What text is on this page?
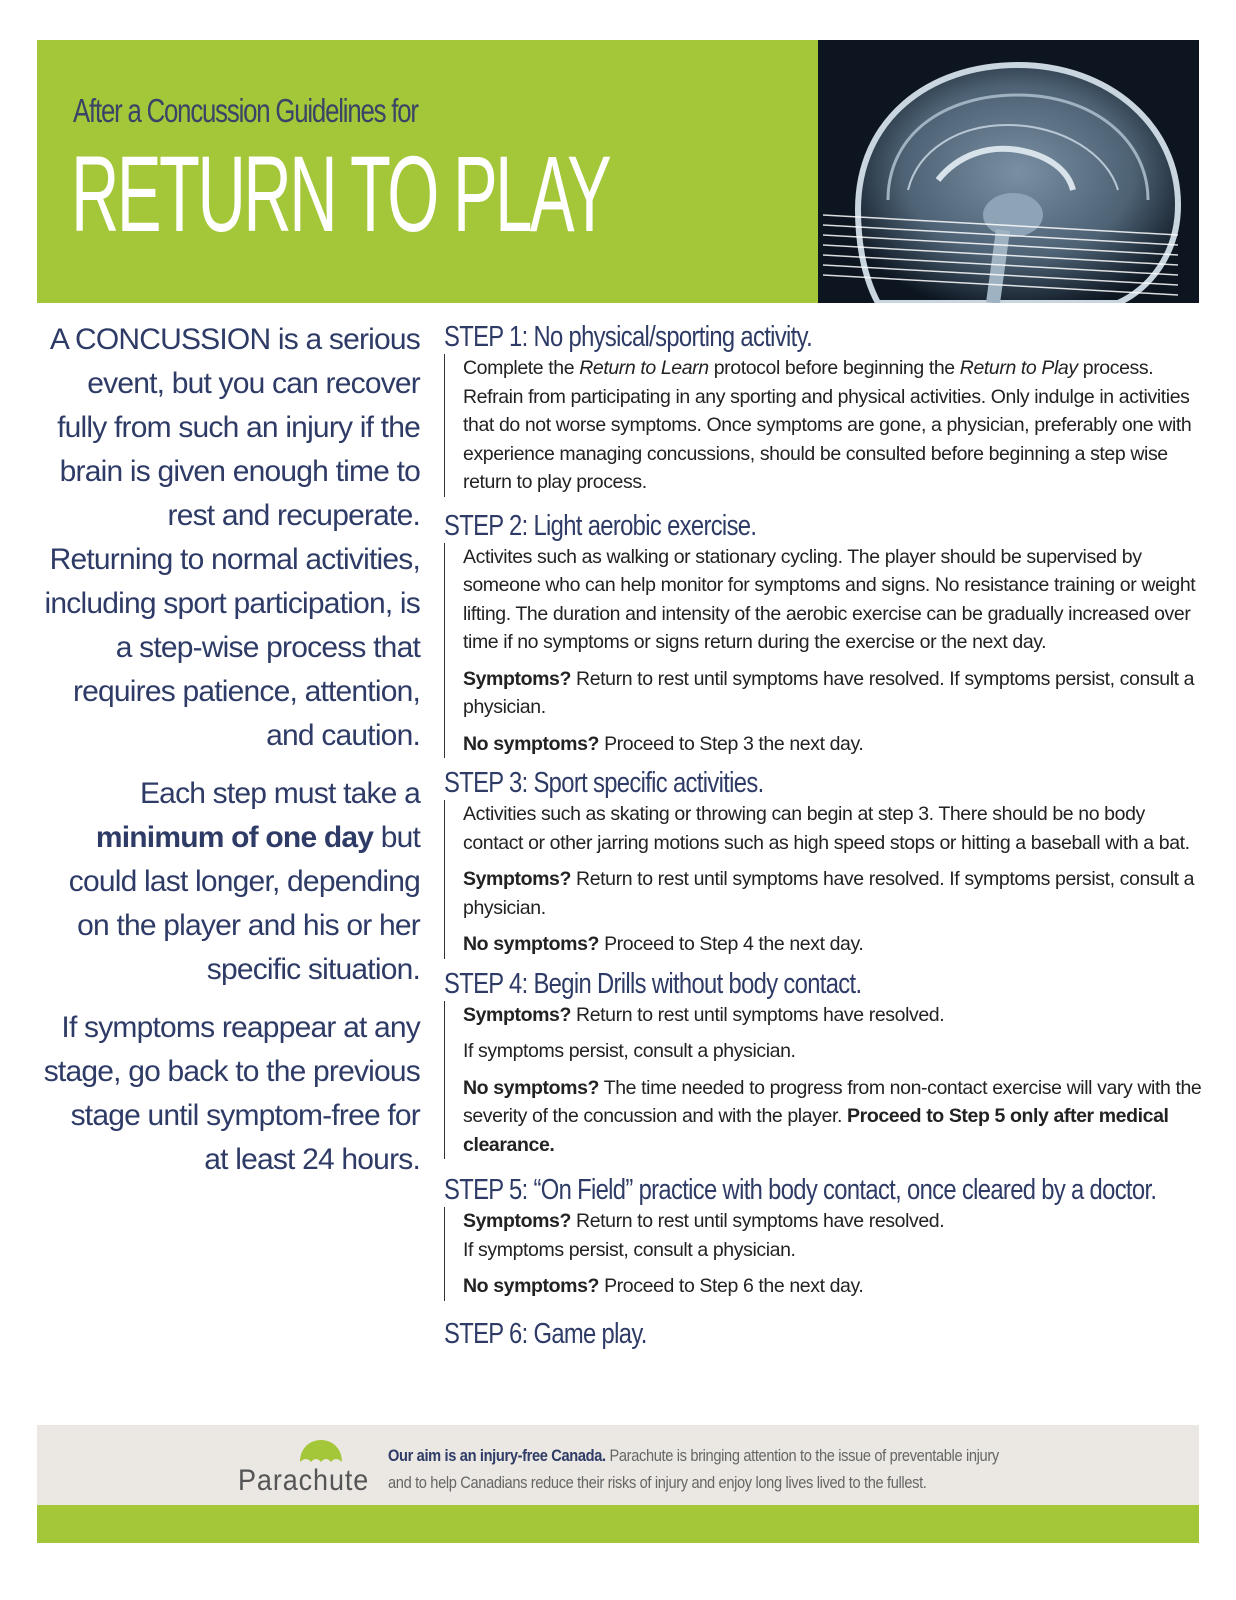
After a Concussion Guidelines for
RETURN TO PLAY

A CONCUSSION is a serious event, but you can recover fully from such an injury if the brain is given enough time to rest and recuperate. Returning to normal activities, including sport participation, is a step-wise process that requires patience, attention, and caution.

Each step must take a minimum of one day but could last longer, depending on the player and his or her specific situation.

If symptoms reappear at any stage, go back to the previous stage until symptom-free for at least 24 hours.

STEP 1: No physical/sporting activity.

Complete the Return to Learn protocol before beginning the Return to Play process. Refrain from participating in any sporting and physical activities. Only indulge in activities that do not worse symptoms. Once symptoms are gone, a physician, preferably one with experience managing concussions, should be consulted before beginning a step wise return to play process.

STEP 2: Light aerobic exercise.

Activites such as walking or stationary cycling. The player should be supervised by someone who can help monitor for symptoms and signs. No resistance training or weight lifting. The duration and intensity of the aerobic exercise can be gradually increased over time if no symptoms or signs return during the exercise or the next day.

Symptoms? Return to rest until symptoms have resolved. If symptoms persist, consult a physician.

No symptoms? Proceed to Step 3 the next day.

STEP 3: Sport specific activities.

Activities such as skating or throwing can begin at step 3. There should be no body contact or other jarring motions such as high speed stops or hitting a baseball with a bat.

Symptoms? Return to rest until symptoms have resolved. If symptoms persist, consult a physician.

No symptoms? Proceed to Step 4 the next day.

STEP 4: Begin Drills without body contact.

Symptoms? Return to rest until symptoms have resolved.

If symptoms persist, consult a physician.

No symptoms? The time needed to progress from non-contact exercise will vary with the severity of the concussion and with the player. Proceed to Step 5 only after medical clearance.

STEP 5: “On Field” practice with body contact, once cleared by a doctor.

Symptoms? Return to rest until symptoms have resolved.

If symptoms persist, consult a physician.

No symptoms? Proceed to Step 6 the next day.

STEP 6: Game play.
Parachute
Our aim is an injury-free Canada. Parachute is bringing attention to the issue of preventable injury
and to help Canadians reduce their risks of injury and enjoy long lives lived to the fullest.
